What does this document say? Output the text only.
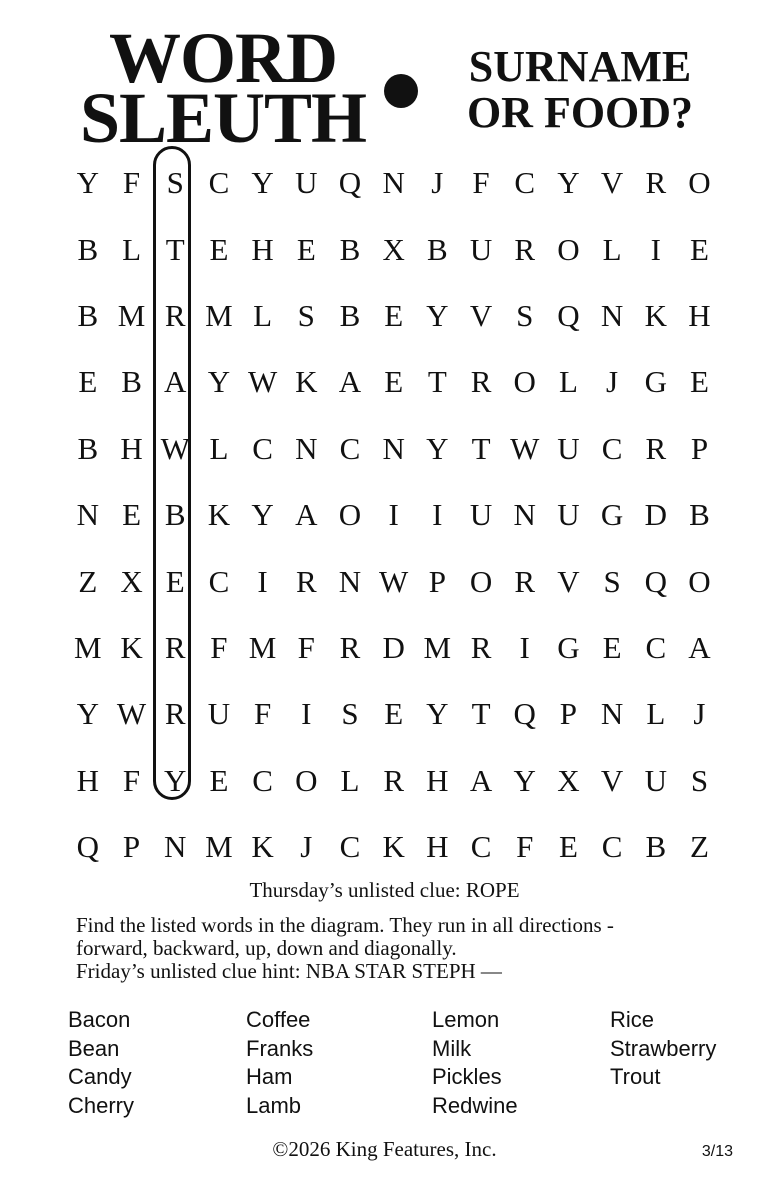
WORD
SLEUTH
SURNAME
OR FOOD?
Y F S C Y U Q N J F C Y V R O
B L T E H E B X B U R O L I E
B M R M L S B E Y V S Q N K H
E B A Y W K A E T R O L J G E
B H W L C N C N Y T W U C R P
N E B K Y A O I	I U N U G D B
Z X E C I R N W P O R V S Q O
M K R F M F R D M R I G E C A
Y W R U F I S E Y T Q P N L J
H F Y E C O L R H A Y X V U S
Q P N M K J C K H C F E C B Z
Thursday’s unlisted clue: ROPE
Find the listed words in the diagram. They run in all directions -
forward, backward, up, down and diagonally.
Friday’s unlisted clue hint: NBA STAR STEPH —
Bacon
Bean
Candy
Cherry
Coffee
Franks
Ham
Lamb
Lemon
Milk
Pickles
Redwine
Rice
Strawberry
Trout
©2026 King Features, Inc.	3/13
